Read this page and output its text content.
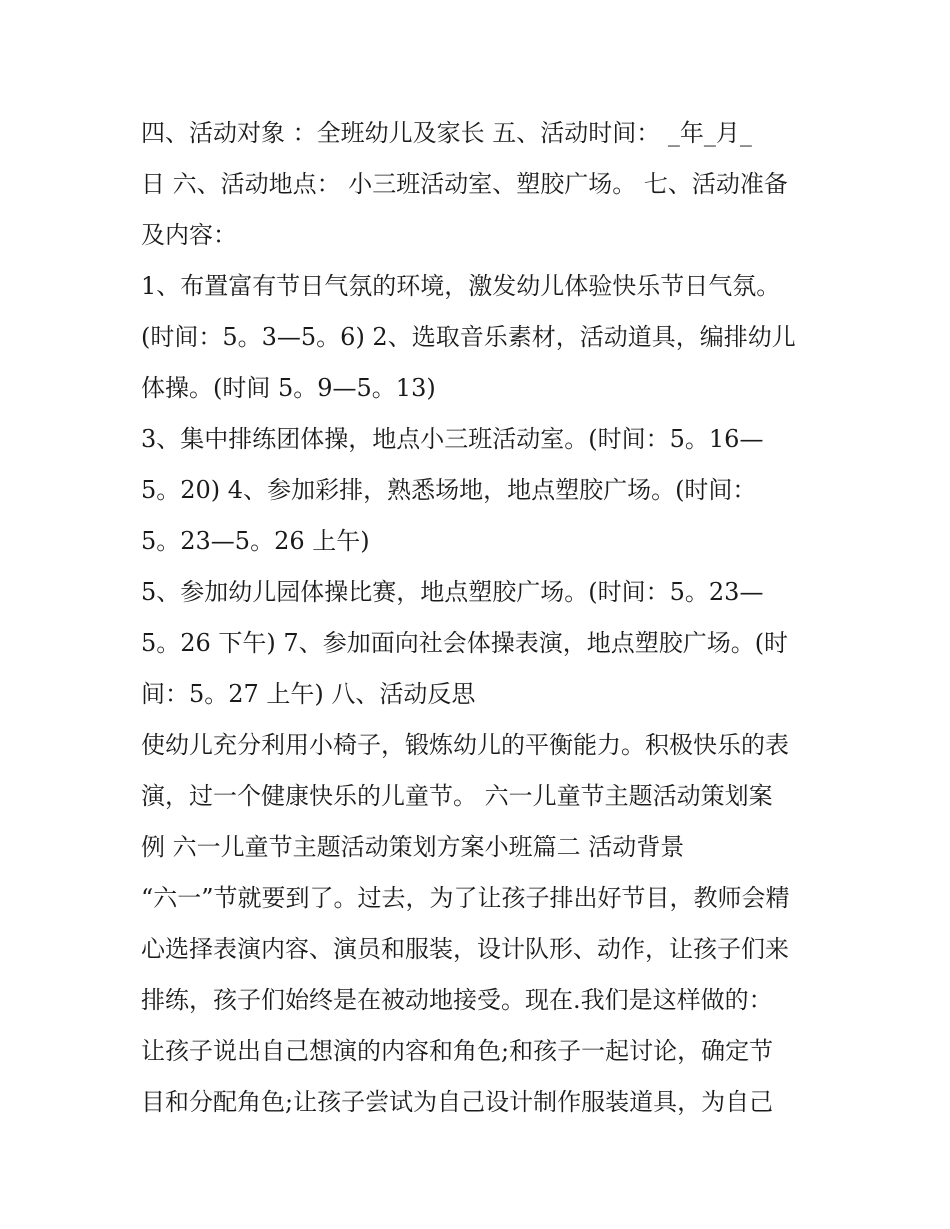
四、活动对象 ：全班幼儿及家长 五、活动时间： _年_月_
日 六、活动地点： 小三班活动室、塑胶广场。 七、活动准备
及内容：
1、布置富有节日气氛的环境，激发幼儿体验快乐节日气氛。
(时间：5。3—5。6) 2、选取音乐素材，活动道具，编排幼儿
体操。(时间 5。9—5。13)
3、集中排练团体操，地点小三班活动室。(时间：5。16—
5。20) 4、参加彩排，熟悉场地，地点塑胶广场。(时间：
5。23—5。26 上午)
5、参加幼儿园体操比赛，地点塑胶广场。(时间：5。23—
5。26 下午) 7、参加面向社会体操表演，地点塑胶广场。(时
间：5。27 上午) 八、活动反思
使幼儿充分利用小椅子，锻炼幼儿的平衡能力。积极快乐的表
演，过一个健康快乐的儿童节。 六一儿童节主题活动策划案
例 六一儿童节主题活动策划方案小班篇二 活动背景
“六一”节就要到了。过去，为了让孩子排出好节目，教师会精
心选择表演内容、演员和服装，设计队形、动作，让孩子们来
排练，孩子们始终是在被动地接受。现在.我们是这样做的：
让孩子说出自己想演的内容和角色;和孩子一起讨论，确定节
目和分配角色;让孩子尝试为自己设计制作服装道具，为自己
